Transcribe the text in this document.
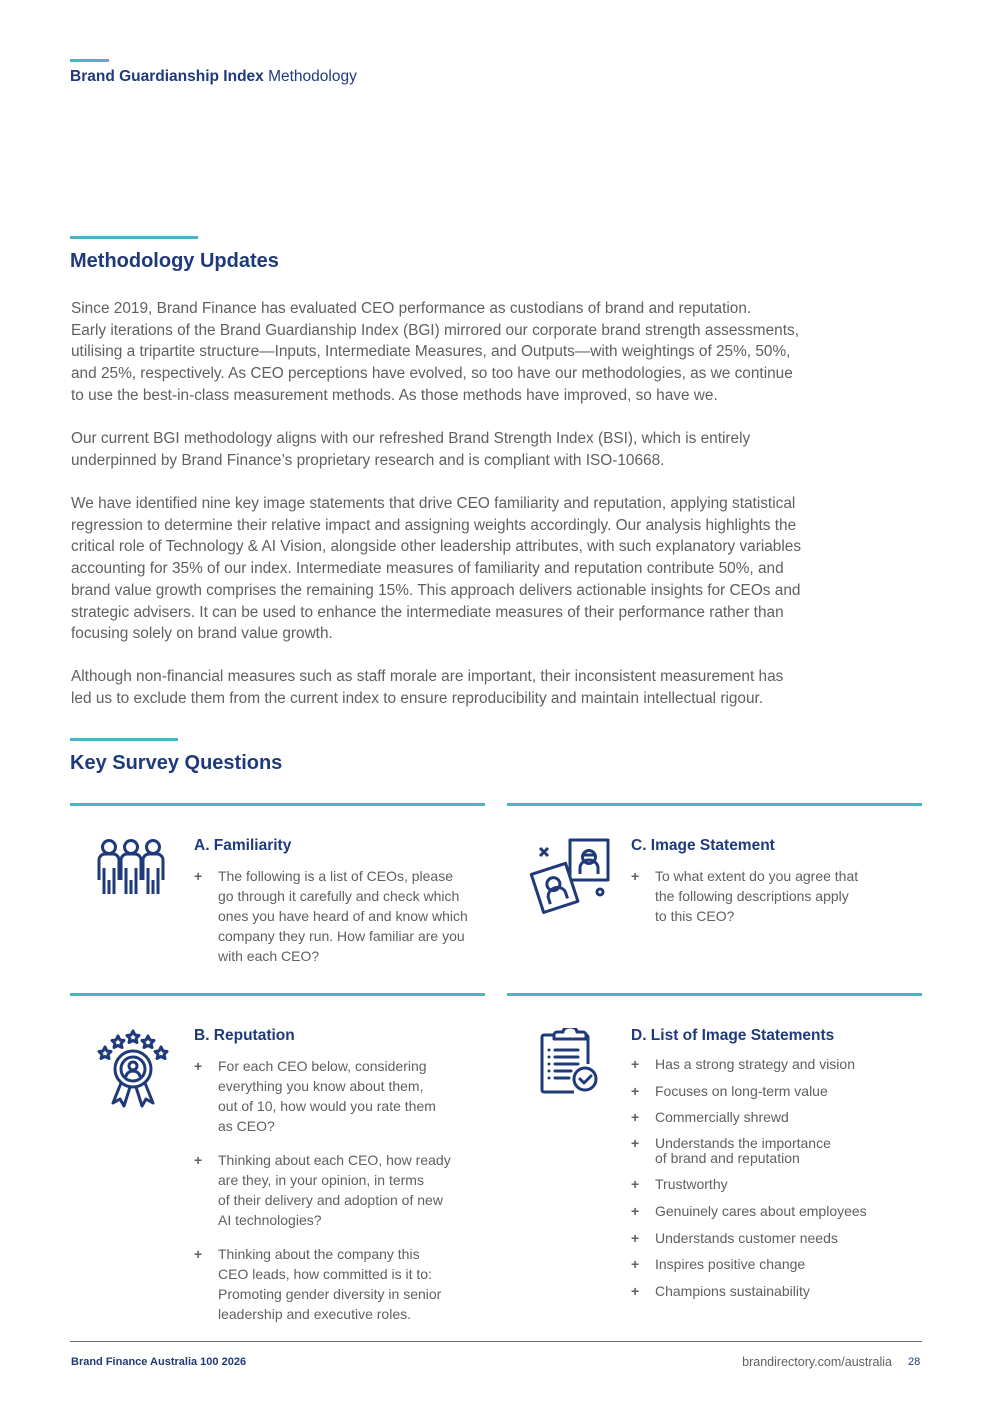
Brand Guardianship Index Methodology
Methodology Updates
Since 2019, Brand Finance has evaluated CEO performance as custodians of brand and reputation.
Early iterations of the Brand Guardianship Index (BGI) mirrored our corporate brand strength assessments,
utilising a tripartite structure—Inputs, Intermediate Measures, and Outputs—with weightings of 25%, 50%,
and 25%, respectively. As CEO perceptions have evolved, so too have our methodologies, as we continue
to use the best-in-class measurement methods. As those methods have improved, so have we.
Our current BGI methodology aligns with our refreshed Brand Strength Index (BSI), which is entirely
underpinned by Brand Finance’s proprietary research and is compliant with ISO-10668.
We have identified nine key image statements that drive CEO familiarity and reputation, applying statistical
regression to determine their relative impact and assigning weights accordingly. Our analysis highlights the
critical role of Technology & AI Vision, alongside other leadership attributes, with such explanatory variables
accounting for 35% of our index. Intermediate measures of familiarity and reputation contribute 50%, and
brand value growth comprises the remaining 15%. This approach delivers actionable insights for CEOs and
strategic advisers. It can be used to enhance the intermediate measures of their performance rather than
focusing solely on brand value growth.
Although non-financial measures such as staff morale are important, their inconsistent measurement has
led us to exclude them from the current index to ensure reproducibility and maintain intellectual rigour.
Key Survey Questions
A. Familiarity
+ The following is a list of CEOs, please
go through it carefully and check which
ones you have heard of and know which
company they run. How familiar are you
with each CEO?
C. Image Statement
+ To what extent do you agree that
the following descriptions apply
to this CEO?
B. Reputation
+ For each CEO below, considering
everything you know about them,
out of 10, how would you rate them
as CEO?
+ Thinking about each CEO, how ready
are they, in your opinion, in terms
of their delivery and adoption of new
AI technologies?
+ Thinking about the company this
CEO leads, how committed is it to:
Promoting gender diversity in senior
leadership and executive roles.
D. List of Image Statements
+ Has a strong strategy and vision
+ Focuses on long-term value
+ Commercially shrewd
+ Understands the importance
of brand and reputation
+ Trustworthy
+ Genuinely cares about employees
+ Understands customer needs
+ Inspires positive change
+ Champions sustainability
Brand Finance Australia 100 2026	brandirectory.com/australia 28
